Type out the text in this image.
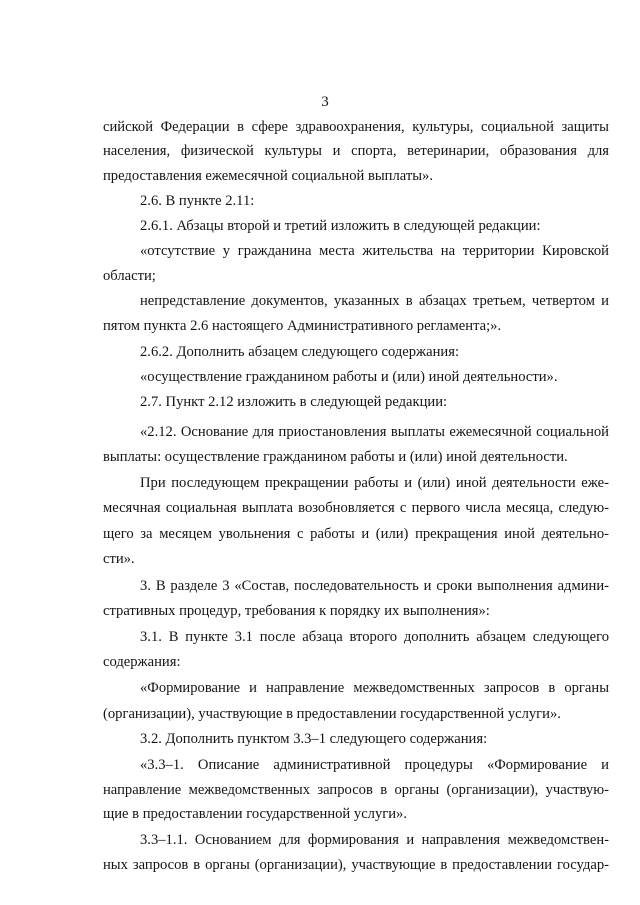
3
сийской Федерации в сфере здравоохранения, культуры, социальной защиты
населения, физической культуры и спорта, ветеринарии, образования для
предоставления ежемесячной социальной выплаты».
2.6. В пункте 2.11:
2.6.1. Абзацы второй и третий изложить в следующей редакции:
«отсутствие у гражданина места жительства на территории Кировской
области;
непредставление документов, указанных в абзацах третьем, четвертом и
пятом пункта 2.6 настоящего Административного регламента;».
2.6.2. Дополнить абзацем следующего содержания:
«осуществление гражданином работы и (или) иной деятельности».
2.7. Пункт 2.12 изложить в следующей редакции:
«2.12. Основание для приостановления выплаты ежемесячной социальной
выплаты: осуществление гражданином работы и (или) иной деятельности.
При последующем прекращении работы и (или) иной деятельности еже-
месячная социальная выплата возобновляется с первого числа месяца, следую-
щего за месяцем увольнения с работы и (или) прекращения иной деятельно-
сти».
3. В разделе 3 «Состав, последовательность и сроки выполнения админи-
стративных процедур, требования к порядку их выполнения»:
3.1. В пункте 3.1 после абзаца второго дополнить абзацем следующего
содержания:
«Формирование и направление межведомственных запросов в органы
(организации), участвующие в предоставлении государственной услуги».
3.2. Дополнить пунктом 3.3–1 следующего содержания:
«3.3–1. Описание административной процедуры «Формирование и
направление межведомственных запросов в органы (организации), участвую-
щие в предоставлении государственной услуги».
3.3–1.1. Основанием для формирования и направления межведомствен-
ных запросов в органы (организации), участвующие в предоставлении государ-
